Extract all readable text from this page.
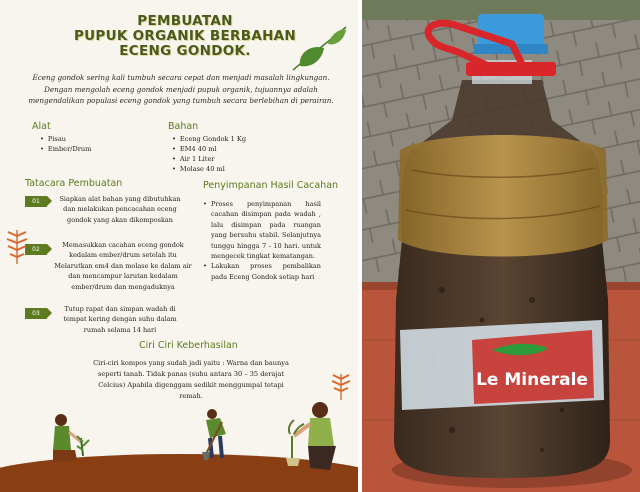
PEMBUATAN
PUPUK ORGANIK BERBAHAN
ECENG GONDOK.

Eceng gondok sering kali tumbuh secara cepat dan menjadi masalah lingkungan. Dengan mengolah eceng gondok menjadi pupuk organik, tujuannya adalah mengendalikan populasi eceng gondok yang tumbuh secara berlebihan di perairan.

Alat
• Pisau
• Ember/Drum
Bahan
• Eceng Gondok 1 Kg
• EM4 40 ml
• Air 1 Liter
• Molase 40 ml
Tatacara Pembuatan
01	Siapkan alat bahan yang dibutuhkan dan melakukan pencacahan eceng gondok yang akan dikomposkan

02

Memasukkan cacahan eceng gondok kedalam ember/drum setelah itu Melarutkan em4 dan molase ke dalam air dan mencampur larutan kedalam ember/drum dan mengaduknya

03

Tutup rapat dan simpan wadah di tempat kering dengan suhu dalam rumah selama 14 hari

Penyimpanan Hasil Cacahan
• Proses penyimpanan hasil cacahan disimpan pada wadah , lalu disimpan pada ruangan yang bersuhu stabil. Selanjutnya tunggu hingga 7 - 10 hari. untuk mengecek tingkat kematangan.
• Lakukan proses pembalikan pada Eceng Gondok setiap hari
Ciri Ciri Keberhasilan

Ciri-ciri kompos yang sudah jadi yaitu : Warna dan baunya seperti tanah. Tidak panas (suhu antara 30 – 35 derajat Celcius) Apabila digenggam sedikit menggumpal tetapi remah.

Le Minerale
